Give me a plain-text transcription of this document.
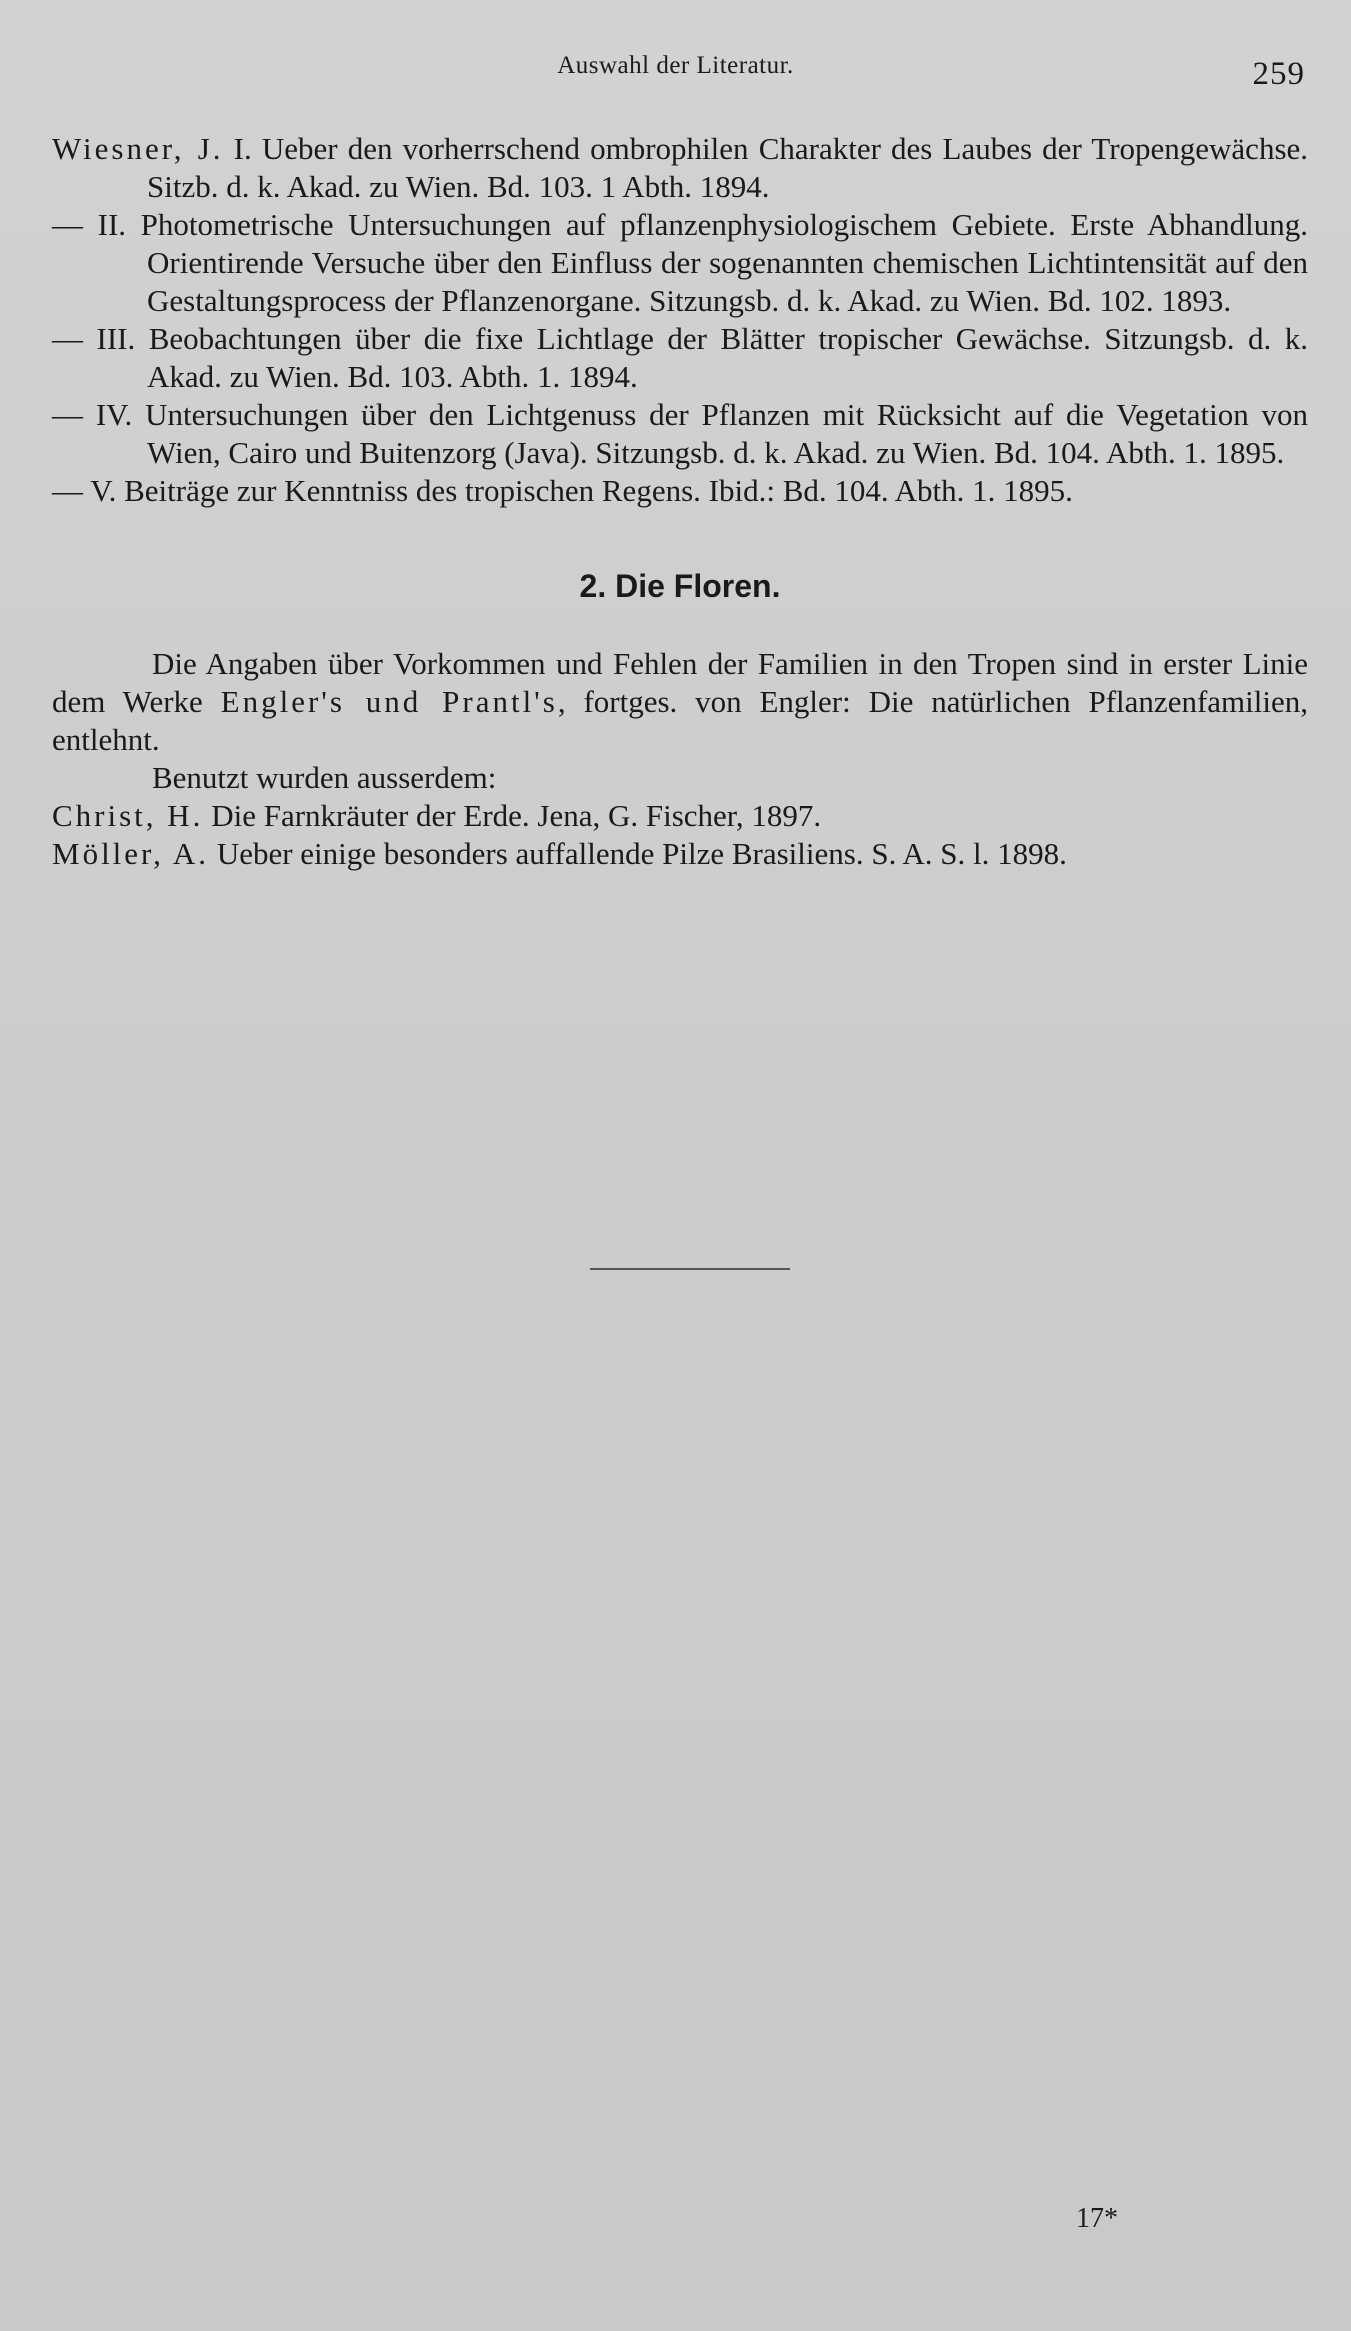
Auswahl der Literatur.	259

Wiesner, J. I. Ueber den vorherrschend ombrophilen Charakter des Laubes der Tropengewächse. Sitzb. d. k. Akad. zu Wien. Bd. 103. 1 Abth. 1894.

— II. Photometrische Untersuchungen auf pflanzenphysiologischem Gebiete. Erste Abhandlung. Orientirende Versuche über den Einfluss der sogenannten chemischen Lichtintensität auf den Gestaltungsprocess der Pflanzenorgane. Sitzungsb. d. k. Akad. zu Wien. Bd. 102. 1893.

— III. Beobachtungen über die fixe Lichtlage der Blätter tropischer Gewächse. Sitzungsb. d. k. Akad. zu Wien. Bd. 103. Abth. 1. 1894.

— IV. Untersuchungen über den Lichtgenuss der Pflanzen mit Rücksicht auf die Vegetation von Wien, Cairo und Buitenzorg (Java). Sitzungsb. d. k. Akad. zu Wien. Bd. 104. Abth. 1. 1895.

— V. Beiträge zur Kenntniss des tropischen Regens. Ibid.: Bd. 104. Abth. 1. 1895.

2. Die Floren.

Die Angaben über Vorkommen und Fehlen der Familien in den Tropen sind in erster Linie dem Werke Engler's und Prantl's, fortges. von Engler: Die natürlichen Pflanzenfamilien, entlehnt.

Benutzt wurden ausserdem:

Christ, H. Die Farnkräuter der Erde. Jena, G. Fischer, 1897.

Möller, A. Ueber einige besonders auffallende Pilze Brasiliens. S. A. S. l. 1898.

17*
